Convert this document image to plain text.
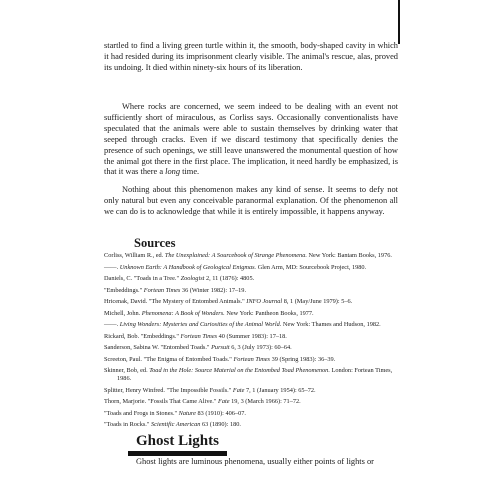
startled to find a living green turtle within it, the smooth, body-shaped cavity in which it had resided during its imprisonment clearly visible. The animal's rescue, alas, proved its undoing. It died within ninety-six hours of its liberation.

Where rocks are concerned, we seem indeed to be dealing with an event not sufficiently short of miraculous, as Corliss says. Occasionally conventionalists have speculated that the animals were able to sustain themselves by drinking water that seeped through cracks. Even if we discard testimony that specifically denies the presence of such openings, we still leave unanswered the monumental question of how the animal got there in the first place. The implication, it need hardly be emphasized, is that it was there a long time.

Nothing about this phenomenon makes any kind of sense. It seems to defy not only natural but even any conceivable paranormal explanation. Of the phenomenon all we can do is to acknowledge that while it is entirely impossible, it happens anyway.

Sources
Corliss, William R., ed. The Unexplained: A Sourcebook of Strange Phenomena. New York: Bantam Books, 1976.
——. Unknown Earth: A Handbook of Geological Enigmas. Glen Arm, MD: Sourcebook Project, 1980.
Daniels, C. "Toads in a Tree." Zoologist 2, 11 (1876): 4805.
"Embeddings." Fortean Times 36 (Winter 1982): 17–19.
Hricenak, David. "The Mystery of Entombed Animals." INFO Journal 8, 1 (May/June 1979): 5–6.
Michell, John. Phenomena: A Book of Wonders. New York: Pantheon Books, 1977.
——. Living Wonders: Mysteries and Curiosities of the Animal World. New York: Thames and Hudson, 1982.
Rickard, Bob. "Embeddings." Fortean Times 40 (Summer 1983): 17–18.
Sanderson, Sabina W. "Entombed Toads." Pursuit 6, 3 (July 1973): 60–64.
Screeton, Paul. "The Enigma of Entombed Toads." Fortean Times 39 (Spring 1983): 36–39.
Skinner, Bob, ed. Toad in the Hole: Source Material on the Entombed Toad Phenomenon. London: Fortean Times, 1986.
Splitter, Henry Winfred. "The Impossible Fossils." Fate 7, 1 (January 1954): 65–72.
Thorn, Marjorie. "Fossils That Came Alive." Fate 19, 3 (March 1966): 71–72.
"Toads and Frogs in Stones." Nature 83 (1910): 406–07.
"Toads in Rocks." Scientific American 63 (1890): 180.
Ghost Lights
Ghost lights are luminous phenomena, usually either points of lights or
